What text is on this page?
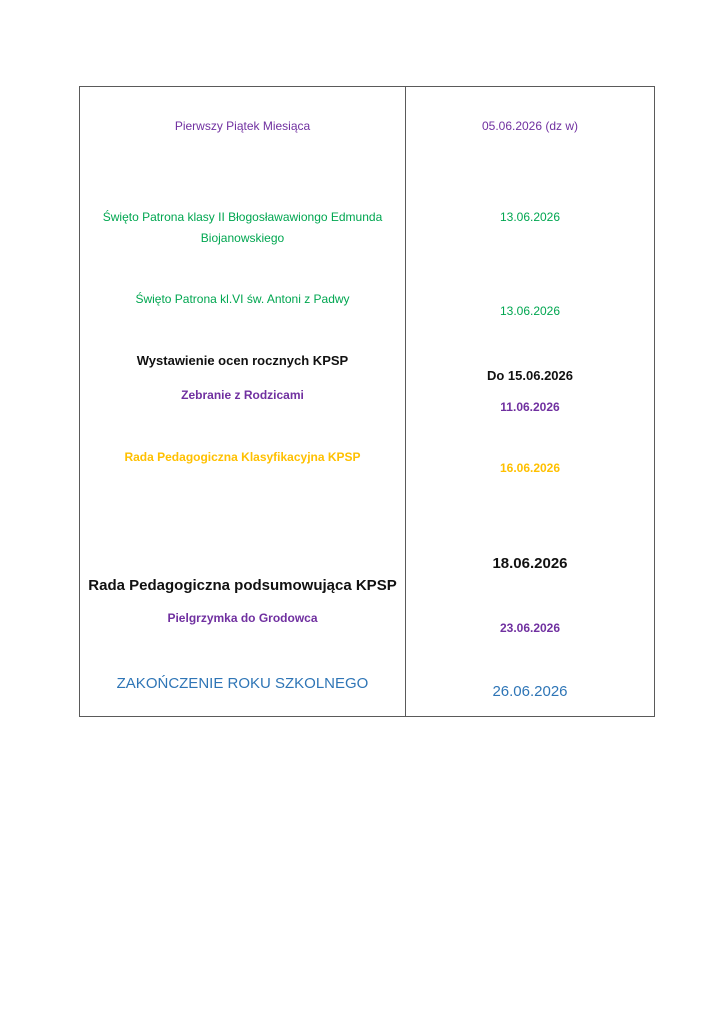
Pierwszy Piątek Miesiąca	05.06.2026 (dz w)
Święto Patrona klasy II Błogosławawiongo Edmunda
Biojanowskiego
13.06.2026
Święto Patrona kl.VI św. Antoni z Padwy
13.06.2026
Wystawienie ocen rocznych KPSP
Do 15.06.2026
Zebranie z Rodzicami
11.06.2026
Rada Pedagogiczna Klasyfikacyjna KPSP
16.06.2026
Rada Pedagogiczna podsumowująca KPSP
18.06.2026
Pielgrzymka do Grodowca
23.06.2026
ZAKOŃCZENIE ROKU SZKOLNEGO	26.06.2026
